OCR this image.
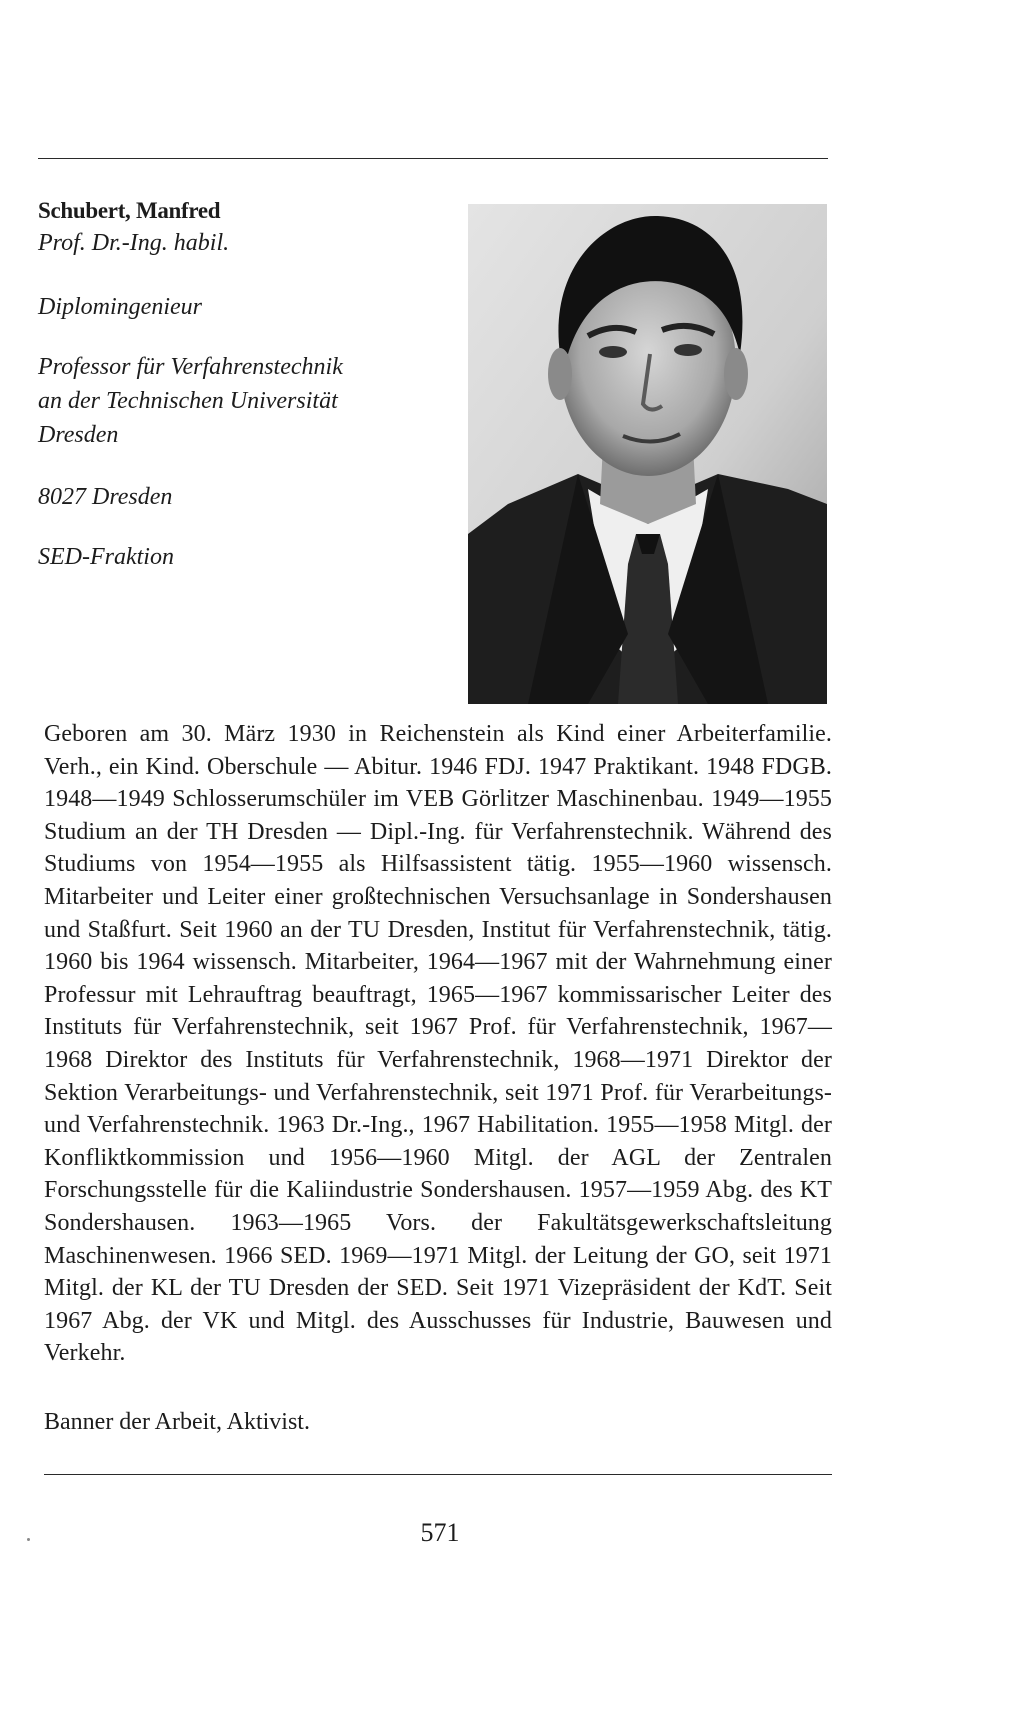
Schubert, Manfred
Prof. Dr.-Ing. habil.
Diplomingenieur
Professor für Verfahrenstechnik
an der Technischen Universität
Dresden
8027 Dresden
SED-Fraktion
Geboren am 30. März 1930 in Reichenstein als Kind einer Arbeiterfamilie. Verh., ein Kind. Oberschule — Abitur. 1946 FDJ. 1947 Praktikant. 1948 FDGB. 1948—1949 Schlosserumschüler im VEB Görlitzer Maschinenbau. 1949—1955 Studium an der TH Dresden — Dipl.-Ing. für Verfahrenstechnik. Während des Studiums von 1954—1955 als Hilfsassistent tätig. 1955—1960 wissensch. Mitarbeiter und Leiter einer großtechnischen Versuchsanlage in Sondershausen und Staßfurt. Seit 1960 an der TU Dresden, Institut für Verfahrenstechnik, tätig. 1960 bis 1964 wissensch. Mitarbeiter, 1964—1967 mit der Wahrnehmung einer Professur mit Lehrauftrag beauftragt, 1965—1967 kommissarischer Leiter des Instituts für Verfahrenstechnik, seit 1967 Prof. für Verfahrenstechnik, 1967—1968 Direktor des Instituts für Verfahrenstechnik, 1968—1971 Direktor der Sektion Verarbeitungs- und Verfahrenstechnik, seit 1971 Prof. für Verarbeitungs- und Verfahrenstechnik. 1963 Dr.-Ing., 1967 Habilitation. 1955—1958 Mitgl. der Konfliktkommission und 1956—1960 Mitgl. der AGL der Zentralen Forschungsstelle für die Kaliindustrie Sondershausen. 1957—1959 Abg. des KT Sondershausen. 1963—1965 Vors. der Fakultätsgewerkschaftsleitung Maschinenwesen. 1966 SED. 1969—1971 Mitgl. der Leitung der GO, seit 1971 Mitgl. der KL der TU Dresden der SED. Seit 1971 Vizepräsident der KdT. Seit 1967 Abg. der VK und Mitgl. des Ausschusses für Industrie, Bauwesen und Verkehr.
Banner der Arbeit, Aktivist.
571
